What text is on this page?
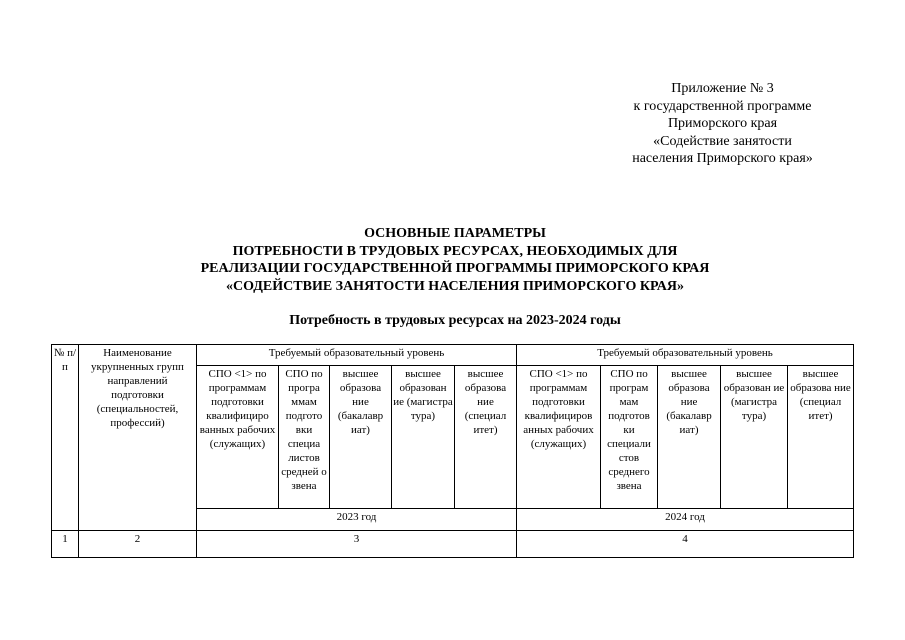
Приложение № 3
к государственной программе
Приморского края
«Содействие занятости
населения Приморского края»
ОСНОВНЫЕ ПАРАМЕТРЫ
ПОТРЕБНОСТИ В ТРУДОВЫХ РЕСУРСАХ, НЕОБХОДИМЫХ ДЛЯ
РЕАЛИЗАЦИИ ГОСУДАРСТВЕННОЙ ПРОГРАММЫ ПРИМОРСКОГО КРАЯ
«СОДЕЙСТВИЕ ЗАНЯТОСТИ НАСЕЛЕНИЯ ПРИМОРСКОГО КРАЯ»
Потребность в трудовых ресурсах на 2023-2024 годы
№ п/п	Наименование укрупненных групп направлений подготовки (специальностей, профессий)	Требуемый образовательный уровень					Требуемый образовательный уровень				
		СПО <1> по программам подготовки квалифициро ванных рабочих (служащих)	СПО по програ ммам подгото вки специа листов средней о звена	высшее образова ние (бакалавр иат)	высшее образован ие (магистра тура)	высшее образова ние (специал итет)	СПО <1> по программам подготовки квалифициров анных рабочих (служащих)	СПО по програм мам подготов ки специали стов среднего звена	высшее образова ние (бакалавр иат)	высшее образован ие (магистра тура)	высшее образова ние (специал итет)
		2023 год					2024 год				
1	2	3					4				
